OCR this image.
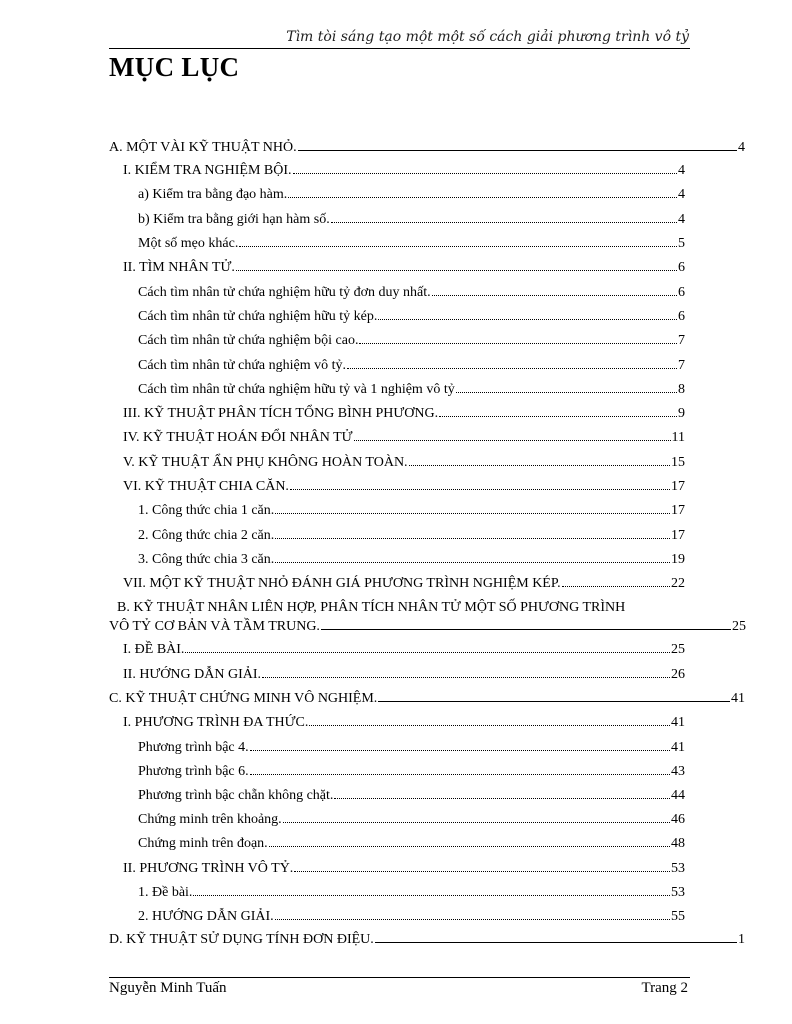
Tìm tòi sáng tạo một một số cách giải phương trình vô tỷ
MỤC LỤC
A. MỘT VÀI KỸ THUẬT NHỎ.	4
I. KIỂM TRA NGHIỆM BỘI.	4
a) Kiểm tra bằng đạo hàm.	4
b) Kiểm tra bằng giới hạn hàm số.	4
Một số mẹo khác.	5
II. TÌM NHÂN TỬ.	6
Cách tìm nhân tử chứa nghiệm hữu tỷ đơn duy nhất.	6
Cách tìm nhân tử chứa nghiệm hữu tỷ kép.	6
Cách tìm nhân tử chứa nghiệm bội cao.	7
Cách tìm nhân tử chứa nghiệm vô tỷ.	7
Cách tìm nhân tử chứa nghiệm hữu tỷ và 1 nghiệm vô tỷ	8
III. KỸ THUẬT PHÂN TÍCH TỔNG BÌNH PHƯƠNG.	9
IV. KỸ THUẬT HOÁN ĐỔI NHÂN TỬ	11
V. KỸ THUẬT ẨN PHỤ KHÔNG HOÀN TOÀN.	15
VI. KỸ THUẬT CHIA CĂN.	17
1. Công thức chia 1 căn.	17
2. Công thức chia 2 căn.	17
3. Công thức chia 3 căn.	19
VII. MỘT KỸ THUẬT NHỎ ĐÁNH GIÁ PHƯƠNG TRÌNH NGHIỆM KÉP.	22
B. KỸ THUẬT NHÂN LIÊN HỢP, PHÂN TÍCH NHÂN TỬ MỘT SỐ PHƯƠNG TRÌNH
VÔ TỶ CƠ BẢN VÀ TẦM TRUNG.	25
I. ĐỀ BÀI.	25
II. HƯỚNG DẪN GIẢI.	26
C. KỸ THUẬT CHỨNG MINH VÔ NGHIỆM.	41
I. PHƯƠNG TRÌNH ĐA THỨC.	41
Phương trình bậc 4.	41
Phương trình bậc 6.	43
Phương trình bậc chẵn không chặt.	44
Chứng minh trên khoảng.	46
Chứng minh trên đoạn.	48
II. PHƯƠNG TRÌNH VÔ TỶ.	53
1. Đề bài.	53
2. HƯỚNG DẪN GIẢI.	55
D. KỸ THUẬT SỬ DỤNG TÍNH ĐƠN ĐIỆU.	1
Nguyễn Minh Tuấn	Trang 2
